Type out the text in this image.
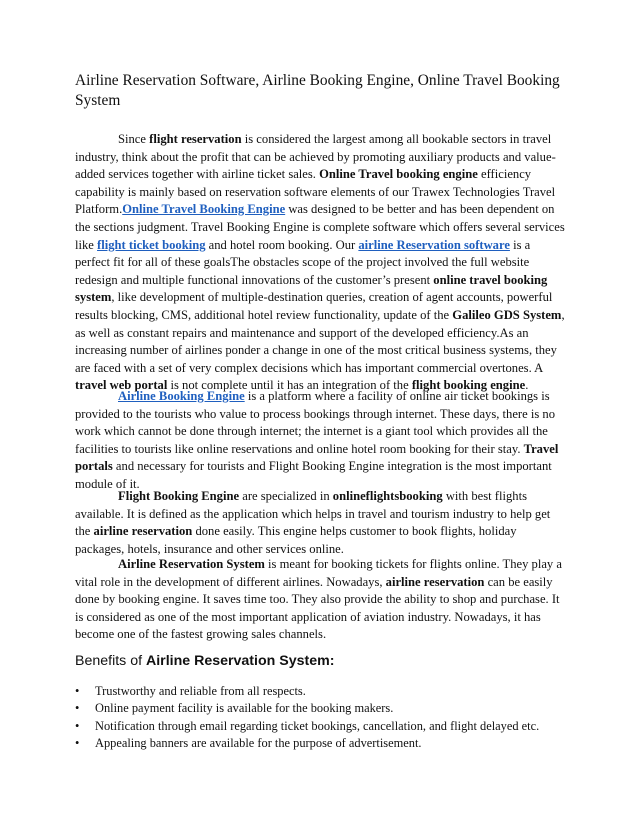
Airline Reservation Software, Airline Booking Engine, Online Travel Booking
System

Since flight reservation is considered the largest among all bookable sectors in travel
industry, think about the profit that can be achieved by promoting auxiliary products and value-
added services together with airline ticket sales. Online Travel booking engine efficiency
capability is mainly based on reservation software elements of our Trawex Technologies Travel
Platform.Online Travel Booking Engine was designed to be better and has been dependent on
the sections judgment. Travel Booking Engine is complete software which offers several services
like flight ticket booking and hotel room booking. Our airline Reservation software is a
perfect fit for all of these goalsThe obstacles scope of the project involved the full website
redesign and multiple functional innovations of the customer’s present online travel booking
system, like development of multiple-destination queries, creation of agent accounts, powerful
results blocking, CMS, additional hotel review functionality, update of the Galileo GDS System,
as well as constant repairs and maintenance and support of the developed efficiency.As an
increasing number of airlines ponder a change in one of the most critical business systems, they
are faced with a set of very complex decisions which has important commercial overtones. A
travel web portal is not complete until it has an integration of the flight booking engine.

Airline Booking Engine is a platform where a facility of online air ticket bookings is
provided to the tourists who value to process bookings through internet. These days, there is no
work which cannot be done through internet; the internet is a giant tool which provides all the
facilities to tourists like online reservations and online hotel room booking for their stay. Travel
portals and necessary for tourists and Flight Booking Engine integration is the most important
module of it.

Flight Booking Engine are specialized in onlineflightsbooking with best flights
available. It is defined as the application which helps in travel and tourism industry to help get
the airline reservation done easily. This engine helps customer to book flights, holiday
packages, hotels, insurance and other services online.

Airline Reservation System is meant for booking tickets for flights online. They play a
vital role in the development of different airlines. Nowadays, airline reservation can be easily
done by booking engine. It saves time too. They also provide the ability to shop and purchase. It
is considered as one of the most important application of aviation industry. Nowadays, it has
become one of the fastest growing sales channels.

Benefits of Airline Reservation System:
• Trustworthy and reliable from all respects.
• Online payment facility is available for the booking makers.
• Notification through email regarding ticket bookings, cancellation, and flight delayed etc.
• Appealing banners are available for the purpose of advertisement.
